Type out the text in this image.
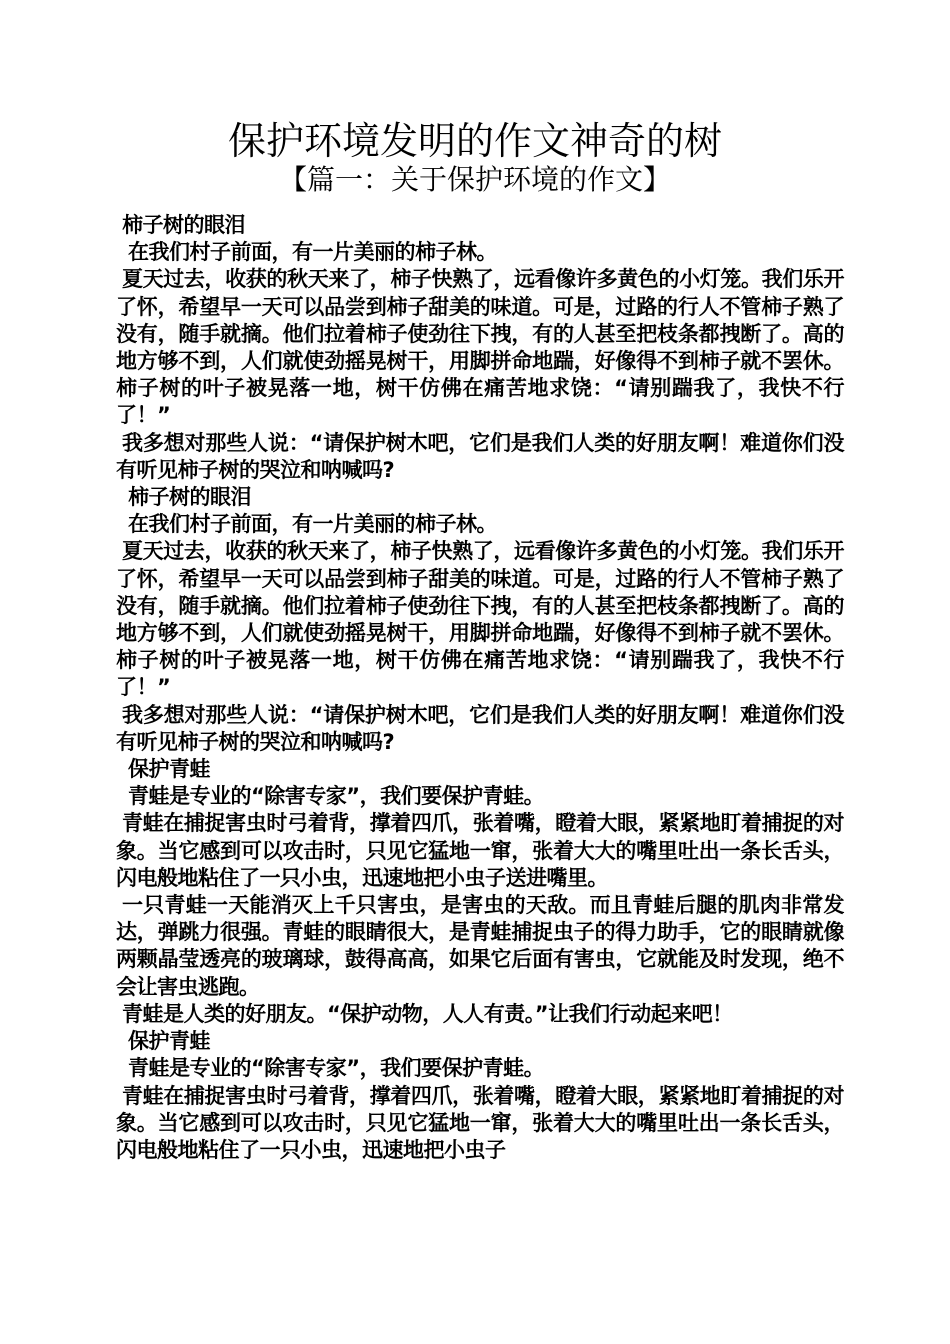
保护环境发明的作文神奇的树
【篇一：关于保护环境的作文】

柿子树的眼泪

在我们村子前面，有一片美丽的柿子林。

夏天过去，收获的秋天来了，柿子快熟了，远看像许多黄色的小灯笼。我们乐开了怀，希望早一天可以品尝到柿子甜美的味道。可是，过路的行人不管柿子熟了没有，随手就摘。他们拉着柿子使劲往下拽，有的人甚至把枝条都拽断了。高的地方够不到，人们就使劲摇晃树干，用脚拼命地踹，好像得不到柿子就不罢休。柿子树的叶子被晃落一地，树干仿佛在痛苦地求饶：“请别踹我了，我快不行了！”

我多想对那些人说：“请保护树木吧，它们是我们人类的好朋友啊！难道你们没有听见柿子树的哭泣和呐喊吗?

柿子树的眼泪

在我们村子前面，有一片美丽的柿子林。

夏天过去，收获的秋天来了，柿子快熟了，远看像许多黄色的小灯笼。我们乐开了怀，希望早一天可以品尝到柿子甜美的味道。可是，过路的行人不管柿子熟了没有，随手就摘。他们拉着柿子使劲往下拽，有的人甚至把枝条都拽断了。高的地方够不到，人们就使劲摇晃树干，用脚拼命地踹，好像得不到柿子就不罢休。柿子树的叶子被晃落一地，树干仿佛在痛苦地求饶：“请别踹我了，我快不行了！”

我多想对那些人说：“请保护树木吧，它们是我们人类的好朋友啊！难道你们没有听见柿子树的哭泣和呐喊吗?

保护青蛙

青蛙是专业的“除害专家”，我们要保护青蛙。

青蛙在捕捉害虫时弓着背，撑着四爪，张着嘴，瞪着大眼，紧紧地盯着捕捉的对象。当它感到可以攻击时，只见它猛地一窜，张着大大的嘴里吐出一条长舌头，闪电般地粘住了一只小虫，迅速地把小虫子送进嘴里。

一只青蛙一天能消灭上千只害虫，是害虫的天敌。而且青蛙后腿的肌肉非常发达，弹跳力很强。青蛙的眼睛很大，是青蛙捕捉虫子的得力助手，它的眼睛就像两颗晶莹透亮的玻璃球，鼓得高高，如果它后面有害虫，它就能及时发现，绝不会让害虫逃跑。

青蛙是人类的好朋友。“保护动物，人人有责。”让我们行动起来吧！

保护青蛙

青蛙是专业的“除害专家”，我们要保护青蛙。

青蛙在捕捉害虫时弓着背，撑着四爪，张着嘴，瞪着大眼，紧紧地盯着捕捉的对象。当它感到可以攻击时，只见它猛地一窜，张着大大的嘴里吐出一条长舌头，闪电般地粘住了一只小虫，迅速地把小虫子
